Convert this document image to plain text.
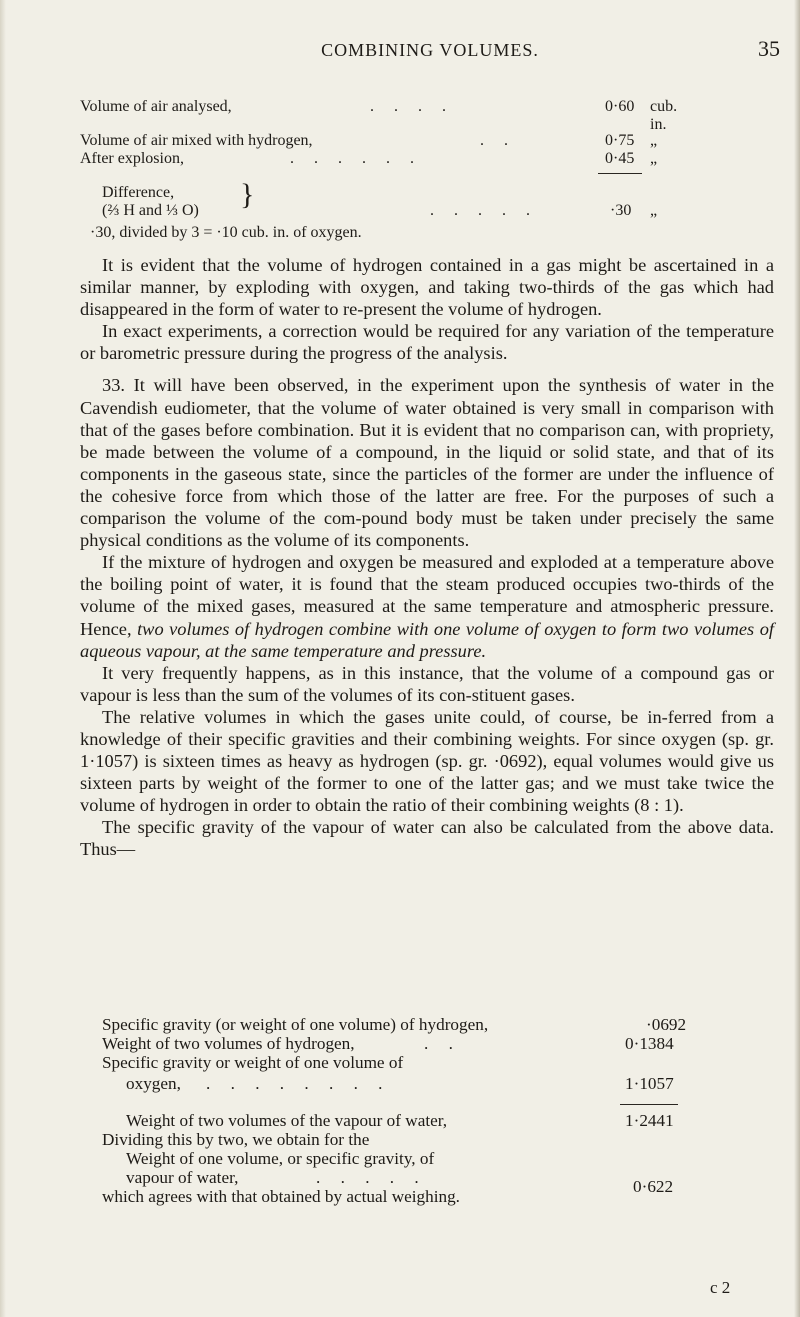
COMBINING VOLUMES.	35
Volume of air analysed,	. . . .	0·60 cub. in.
Volume of air mixed with hydrogen,	. .	0·75 „
After explosion,	. . . . . .	0·45 „
Difference,
(⅔ H and ⅓ O)	. . . . .	·30 „
}
·30, divided by 3 = ·10 cub. in. of oxygen.

It is evident that the volume of hydrogen contained in a gas might be ascertained in a similar manner, by exploding with oxygen, and taking two-thirds of the gas which had disappeared in the form of water to re-present the volume of hydrogen.

In exact experiments, a correction would be required for any variation of the temperature or barometric pressure during the progress of the analysis.

33. It will have been observed, in the experiment upon the synthesis of water in the Cavendish eudiometer, that the volume of water obtained is very small in comparison with that of the gases before combination. But it is evident that no comparison can, with propriety, be made between the volume of a compound, in the liquid or solid state, and that of its components in the gaseous state, since the particles of the former are under the influence of the cohesive force from which those of the latter are free. For the purposes of such a comparison the volume of the com-pound body must be taken under precisely the same physical conditions as the volume of its components.

If the mixture of hydrogen and oxygen be measured and exploded at a temperature above the boiling point of water, it is found that the steam produced occupies two-thirds of the volume of the mixed gases, measured at the same temperature and atmospheric pressure. Hence, two volumes of hydrogen combine with one volume of oxygen to form two volumes of aqueous vapour, at the same temperature and pressure.

It very frequently happens, as in this instance, that the volume of a compound gas or vapour is less than the sum of the volumes of its con-stituent gases.

The relative volumes in which the gases unite could, of course, be in-ferred from a knowledge of their specific gravities and their combining weights. For since oxygen (sp. gr. 1·1057) is sixteen times as heavy as hydrogen (sp. gr. ·0692), equal volumes would give us sixteen parts by weight of the former to one of the latter gas; and we must take twice the volume of hydrogen in order to obtain the ratio of their combining weights (8 : 1).

The specific gravity of the vapour of water can also be calculated from the above data. Thus—

Specific gravity (or weight of one volume) of hydrogen,	·0692
Weight of two volumes of hydrogen,	. .	0·1384
Specific gravity or weight of one volume of
oxygen, . . . . . . . .	1·1057
Weight of two volumes of the vapour of water,	1·2441
Dividing this by two, we obtain for the
Weight of one volume, or specific gravity, of
vapour of water,	. . . . .	0·622
which agrees with that obtained by actual weighing.
c 2
